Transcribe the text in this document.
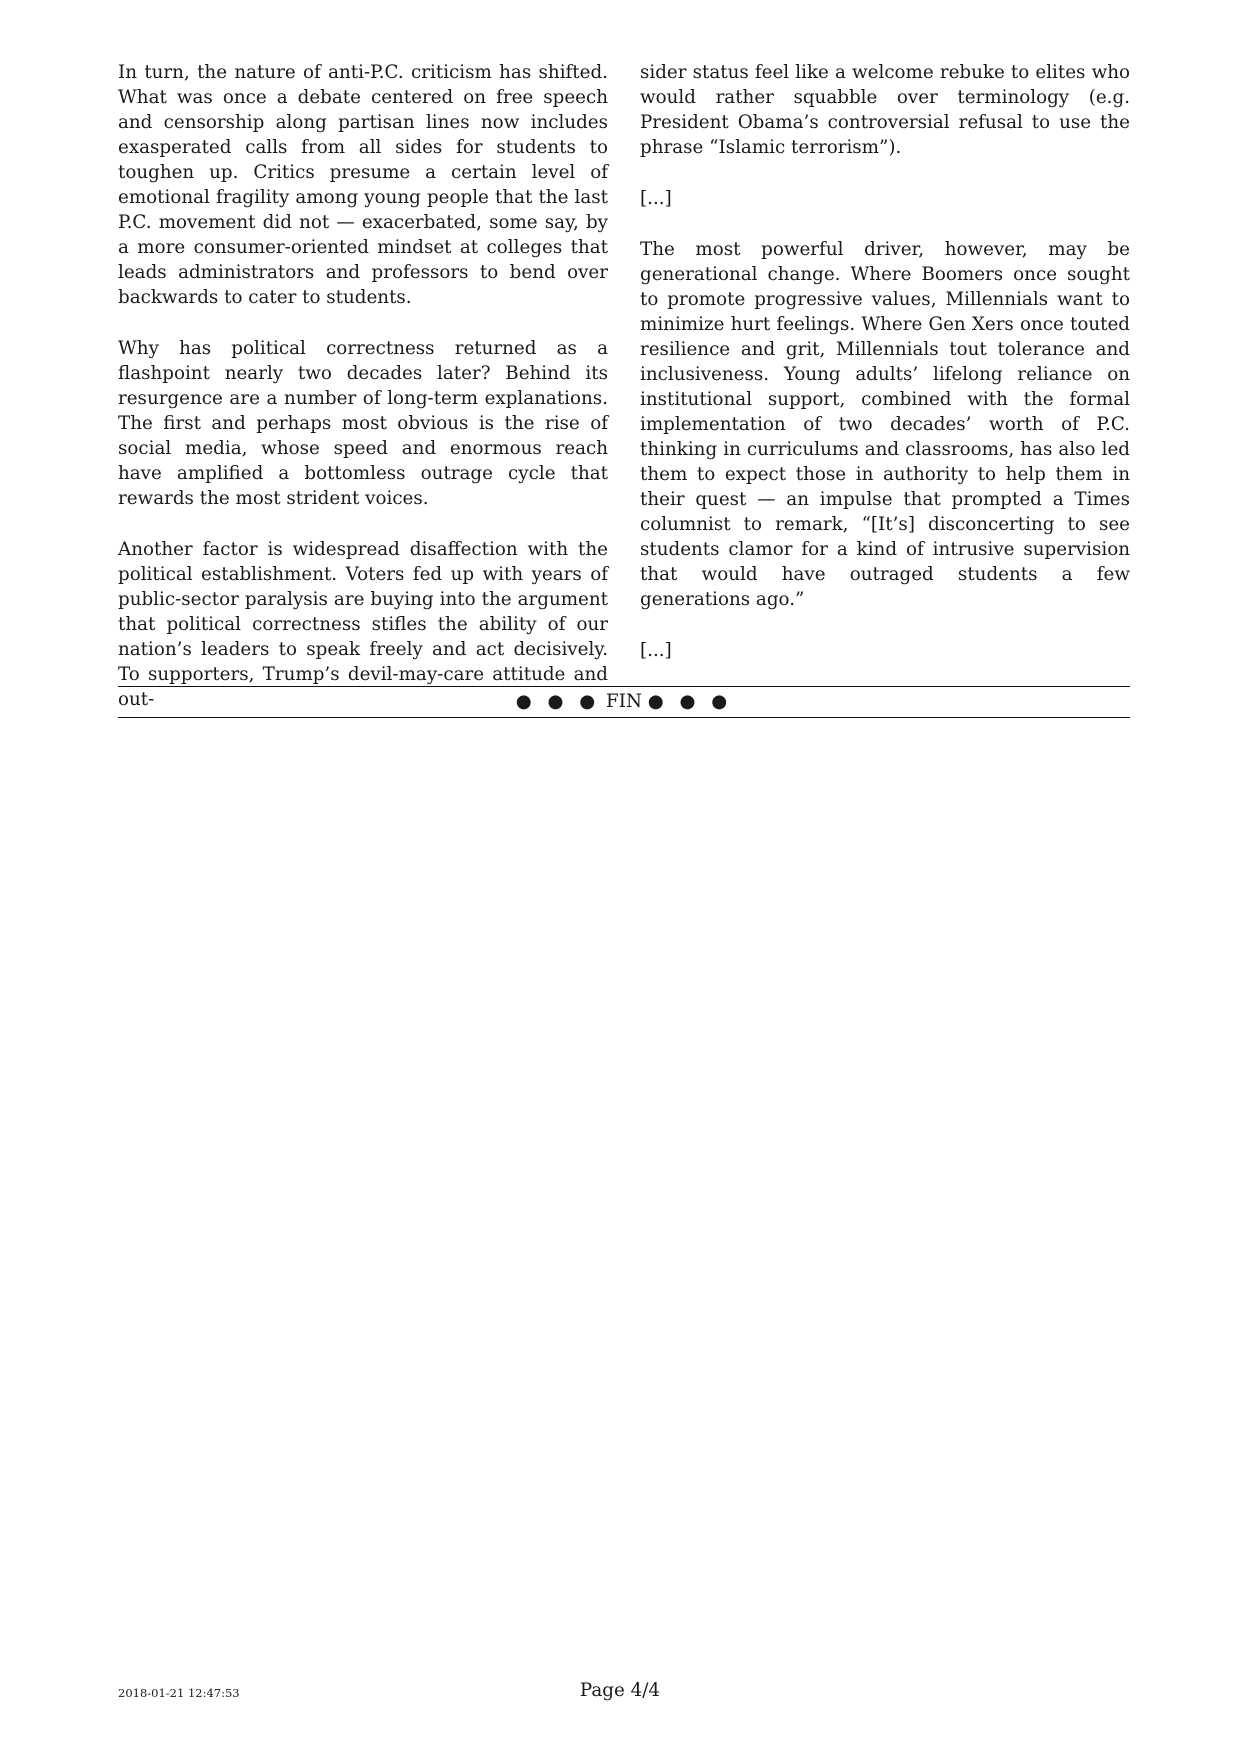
In turn, the nature of anti-P.C. criticism has shifted. What was once a debate centered on free speech and censorship along partisan lines now includes exasperated calls from all sides for students to toughen up. Critics presume a certain level of emotional fragility among young people that the last P.C. movement did not — exacerbated, some say, by a more consumer-oriented mindset at colleges that leads administrators and professors to bend over backwards to cater to students.

Why has political correctness returned as a flashpoint nearly two decades later? Behind its resurgence are a number of long-term explanations. The first and perhaps most obvious is the rise of social media, whose speed and enormous reach have amplified a bottomless outrage cycle that rewards the most strident voices.

Another factor is widespread disaffection with the political establishment. Voters fed up with years of public-sector paralysis are buying into the argument that political correctness stifles the ability of our nation’s leaders to speak freely and act decisively. To supporters, Trump’s devil-may-care attitude and out-

sider status feel like a welcome rebuke to elites who would rather squabble over terminology (e.g. President Obama’s controversial refusal to use the phrase “Islamic terrorism”).

[...]

The most powerful driver, however, may be generational change. Where Boomers once sought to promote progressive values, Millennials want to minimize hurt feelings. Where Gen Xers once touted resilience and grit, Millennials tout tolerance and inclusiveness. Young adults’ lifelong reliance on institutional support, combined with the formal implementation of two decades’ worth of P.C. thinking in curriculums and classrooms, has also led them to expect those in authority to help them in their quest — an impulse that prompted a Times columnist to remark, “[It’s] disconcerting to see students clamor for a kind of intrusive supervision that would have outraged students a few generations ago.”

[...]

● ● ● FIN ● ● ●
2018-01-21 12:47:53	Page 4/4
